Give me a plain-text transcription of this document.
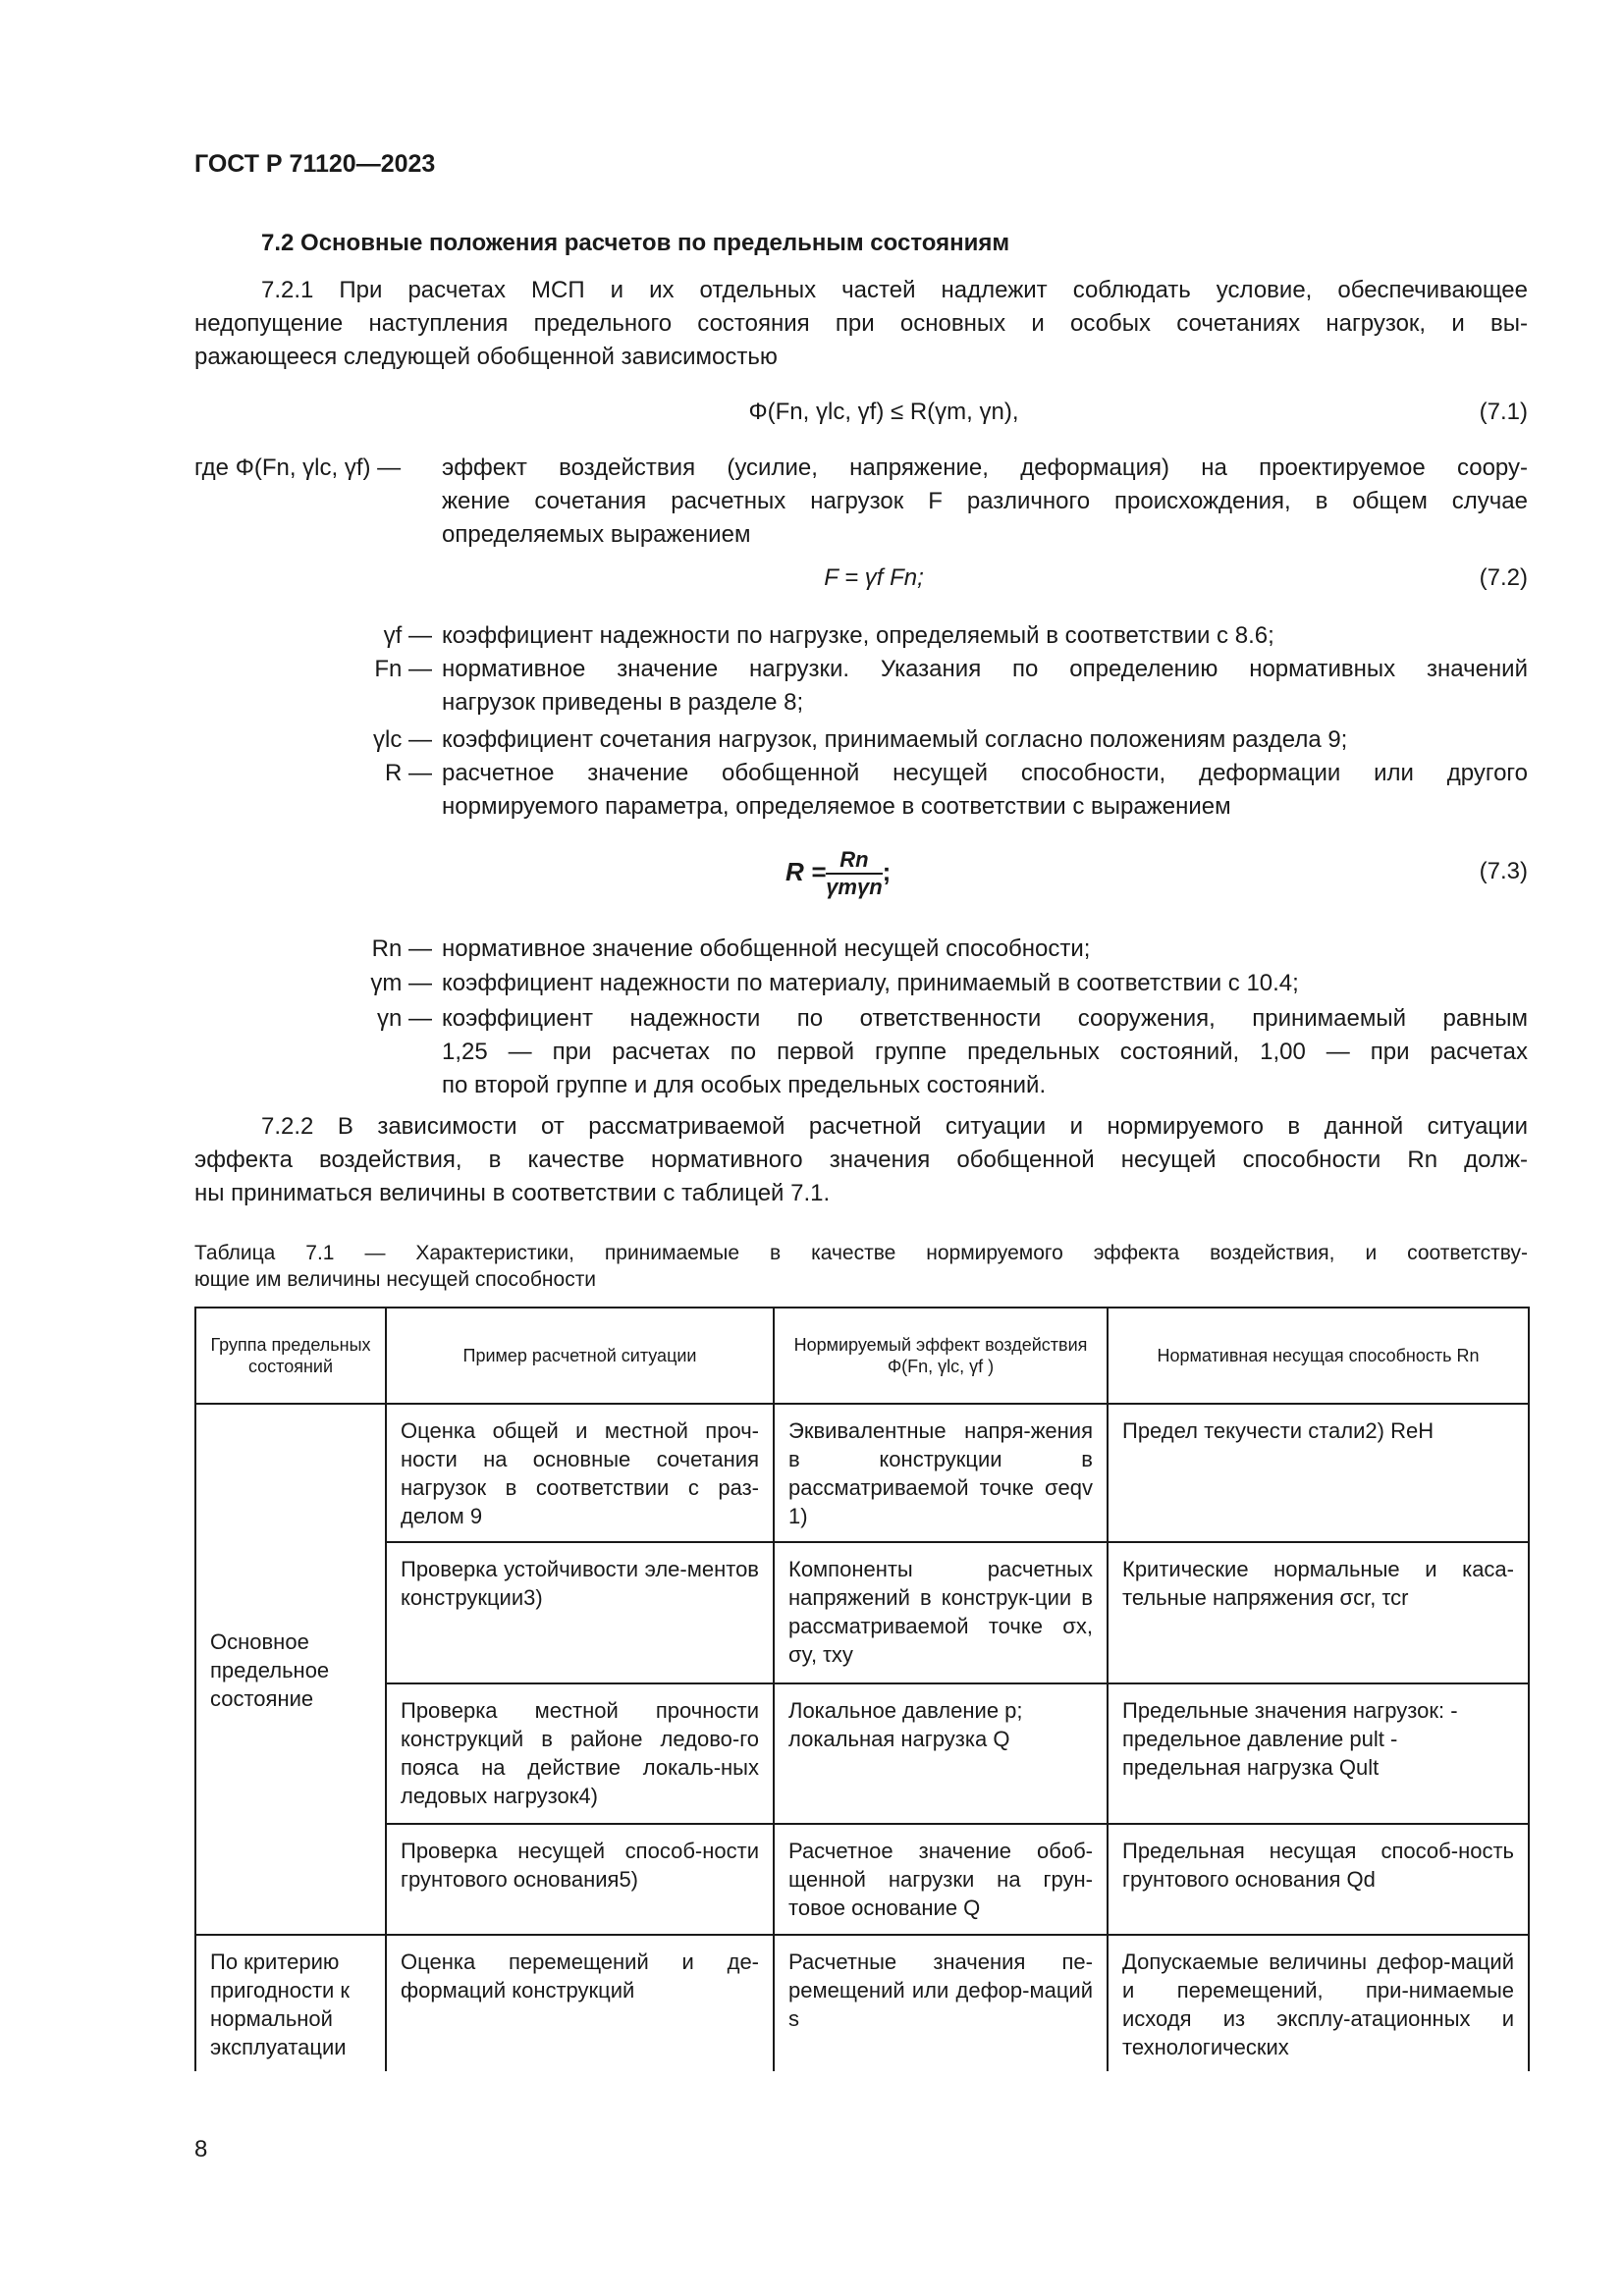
ГОСТ Р 71120—2023
7.2 Основные положения расчетов по предельным состояниям
7.2.1 При расчетах МСП и их отдельных частей надлежит соблюдать условие, обеспечивающее
недопущение наступления предельного состояния при основных и особых сочетаниях нагрузок, и вы-
ражающееся следующей обобщенной зависимостью
Φ(Fn, γlc, γf) ≤ R(γm, γn),	(7.1)
где Φ(Fn, γlc, γf) — эффект воздействия (усилие, напряжение, деформация) на проектируемое соору-
жение сочетания расчетных нагрузок F различного происхождения, в общем случае
определяемых выражением
F = γf Fn;	(7.2)
γf — коэффициент надежности по нагрузке, определяемый в соответствии с 8.6;
Fn — нормативное значение нагрузки. Указания по определению нормативных значений
нагрузок приведены в разделе 8;
γlc — коэффициент сочетания нагрузок, принимаемый согласно положениям раздела 9;
R — расчетное значение обобщенной несущей способности, деформации или другого
нормируемого параметра, определяемое в соответствии с выражением
$R = \frac{Rn}{\text{γmγn}}$ ;	(7.3)
Rn — нормативное значение обобщенной несущей способности;
γm — коэффициент надежности по материалу, принимаемый в соответствии с 10.4;
γn — коэффициент надежности по ответственности сооружения, принимаемый равным
1,25 — при расчетах по первой группе предельных состояний, 1,00 — при расчетах
по второй группе и для особых предельных состояний.
7.2.2 В зависимости от рассматриваемой расчетной ситуации и нормируемого в данной ситуации
эффекта воздействия, в качестве нормативного значения обобщенной несущей способности Rn долж-
ны приниматься величины в соответствии с таблицей 7.1.
Таблица 7.1 — Характеристики, принимаемые в качестве нормируемого эффекта воздействия, и соответству-
ющие им величины несущей способности
Группа предельных состояний	Пример расчетной ситуации	Нормируемый эффект воздействия Φ(Fn, γlc, γf )	Нормативная несущая способность Rn
Основное предельное состояние	Оценка общей и местной проч-ности на основные сочетания нагрузок в соответствии с раз-делом 9	Эквивалентные напря-жения в конструкции в рассматриваемой точке σeqv 1)	Предел текучести стали2) ReH
	Проверка устойчивости эле-ментов конструкции3)	Компоненты расчетных напряжений в конструк-ции в рассматриваемой точке σx, σy, τxy	Критические нормальные и каса-тельные напряжения σcr, τcr
	Проверка местной прочности конструкций в районе ледово-го пояса на действие локаль-ных ледовых нагрузок4)	Локальное давление p; локальная нагрузка Q	Предельные значения нагрузок: - предельное давление pult - предельная нагрузка Qult
	Проверка несущей способ-ности грунтового основания5)	Расчетное значение обоб-щенной нагрузки на грун-товое основание Q	Предельная несущая способ-ность грунтового основания Qd
По критерию пригодности к нормальной эксплуатации	Оценка перемещений и де-формаций конструкций	Расчетные значения пе-ремещений или дефор-маций s	Допускаемые величины дефор-маций и перемещений, при-нимаемые исходя из эксплу-атационных и технологических
8
